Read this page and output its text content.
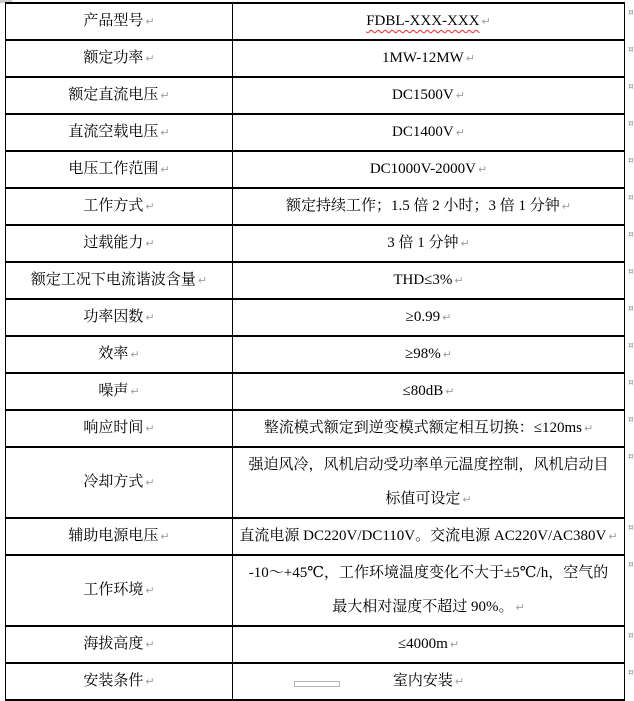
产品型号 ↵	FDBL-XXX-XXX ↵
额定功率 ↵	1MW-12MW ↵
额定直流电压 ↵	DC1500V ↵
直流空载电压 ↵	DC1400V ↵
电压工作范围 ↵	DC1000V-2000V ↵
工作方式 ↵	额定持续工作；1.5 倍 2 小时；3 倍 1 分钟 ↵
过载能力 ↵	3 倍 1 分钟 ↵
额定工况下电流谐波含量 ↵	THD≤3% ↵
功率因数 ↵	≥0.99 ↵
效率 ↵	≥98% ↵
噪声 ↵	≤80dB ↵
响应时间 ↵	整流模式额定到逆变模式额定相互切换：≤120ms ↵
冷却方式 ↵	强迫风冷，风机启动受功率单元温度控制，风机启动目
标值可设定 ↵
辅助电源电压 ↵	直流电源 DC220V/DC110V。交流电源 AC220V/AC380V ↵
工作环境 ↵	-10～+45℃，工作环境温度变化不大于±5℃/h，空气的
最大相对湿度不超过 90%。 ↵
海拔高度 ↵	≤4000m ↵
安装条件 ↵	室内安装 ↵
¤
¤
¤
¤
¤
¤
¤
¤
¤
¤
¤
¤
¤
¤
¤
¤
¤
